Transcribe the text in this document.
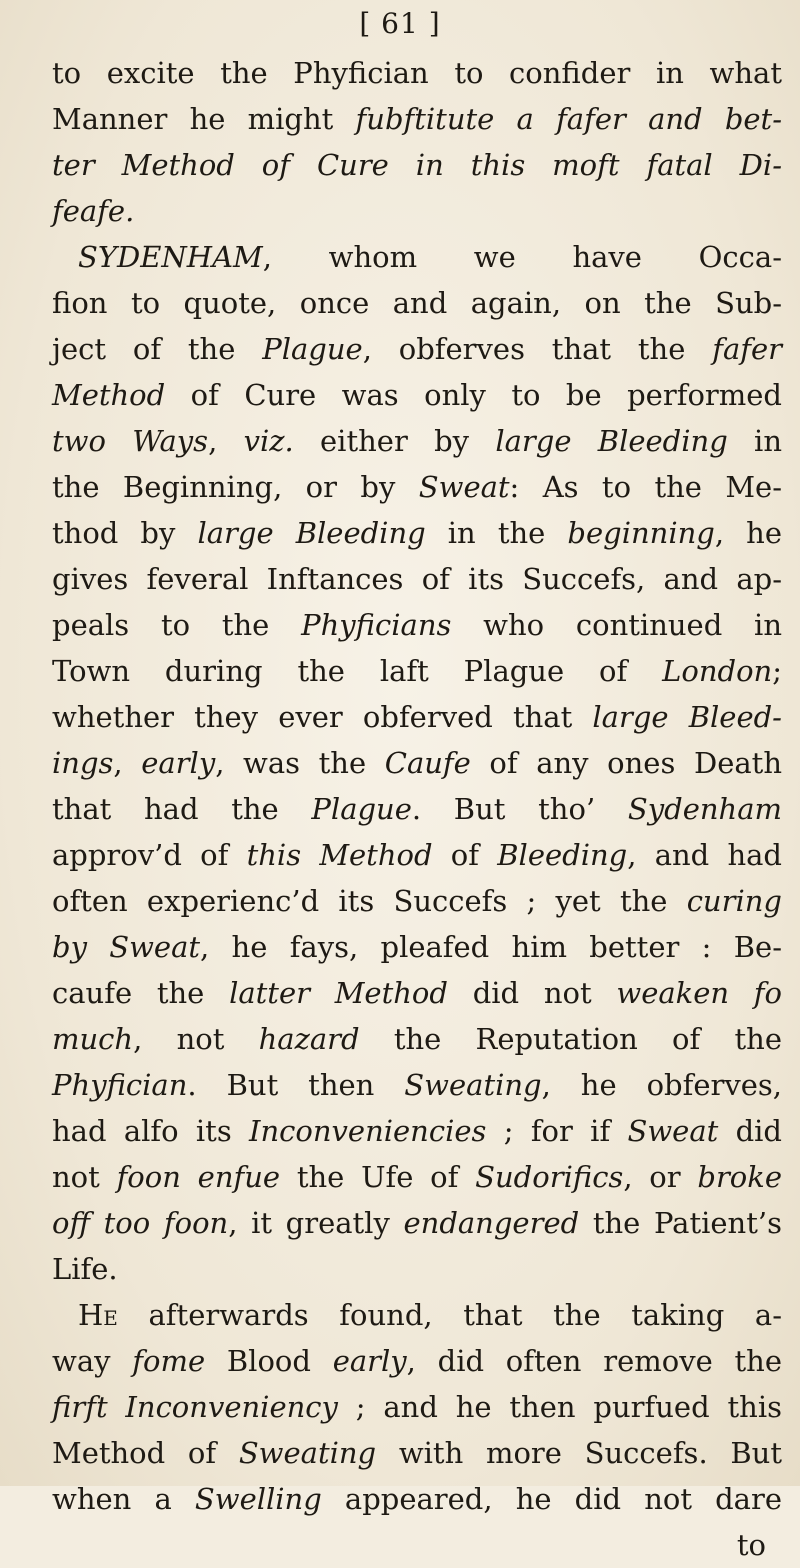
[ 61 ]
to excite the Phyfician to confider in what
Manner he might fubftitute a fafer and bet-
ter Method of Cure in this moft fatal Di-
feafe.
SYDENHAM, whom we have Occa-
fion to quote, once and again, on the Sub-
ject of the Plague, obferves that the fafer
Method of Cure was only to be performed
two Ways, viz. either by large Bleeding in
the Beginning, or by Sweat: As to the Me-
thod by large Bleeding in the beginning, he
gives feveral Inftances of its Succefs, and ap-
peals to the Phyficians who continued in
Town during the laft Plague of London;
whether they ever obferved that large Bleed-
ings, early, was the Caufe of any ones Death
that had the Plague. But tho’ Sydenham
approv’d of this Method of Bleeding, and had
often experienc’d its Succefs ; yet the curing
by Sweat, he fays, pleafed him better : Be-
caufe the latter Method did not weaken fo
much, not hazard the Reputation of the
Phyfician. But then Sweating, he obferves,
had alfo its Inconveniencies ; for if Sweat did
not foon enfue the Ufe of Sudorifics, or broke
off too foon, it greatly endangered the Patient’s
Life.
He afterwards found, that the taking a-
way fome Blood early, did often remove the
firft Inconveniency ; and he then purfued this
Method of Sweating with more Succefs. But
when a Swelling appeared, he did not dare
to
